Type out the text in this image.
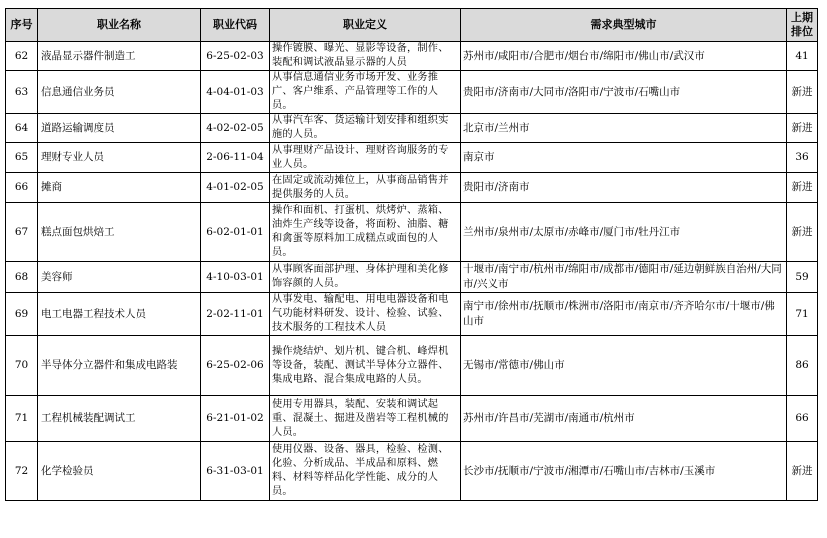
序号	职业名称	职业代码	职业定义	需求典型城市	上期
排位
62	液晶显示器件制造工	6-25-02-03	操作镀膜、曝光、显影等设备，制作、装配和调试液晶显示器的人员	苏州市/咸阳市/合肥市/烟台市/绵阳市/佛山市/武汉市	41
63	信息通信业务员	4-04-01-03	从事信息通信业务市场开发、业务推广、客户维系、产品管理等工作的人员。	贵阳市/济南市/大同市/洛阳市/宁波市/石嘴山市	新进
64	道路运输调度员	4-02-02-05	从事汽车客、货运输计划安排和组织实施的人员。	北京市/兰州市	新进
65	理财专业人员	2-06-11-04	从事理财产品设计、理财咨询服务的专业人员。	南京市	36
66	摊商	4-01-02-05	在固定或流动摊位上，从事商品销售并提供服务的人员。	贵阳市/济南市	新进
67	糕点面包烘焙工	6-02-01-01	操作和面机、打蛋机、烘烤炉、蒸箱、油炸生产线等设备，将面粉、油脂、糖和禽蛋等原料加工成糕点或面包的人员。	兰州市/泉州市/太原市/赤峰市/厦门市/牡丹江市	新进
68	美容师	4-10-03-01	从事顾客面部护理、身体护理和美化修饰容颜的人员。	十堰市/南宁市/杭州市/绵阳市/成都市/德阳市/延边朝鲜族自治州/大同市/兴义市	59
69	电工电器工程技术人员	2-02-11-01	从事发电、输配电、用电电器设备和电气功能材料研发、设计、检验、试验、技术服务的工程技术人员	南宁市/徐州市/抚顺市/株洲市/洛阳市/南京市/齐齐哈尔市/十堰市/佛山市	71
70	半导体分立器件和集成电路装	6-25-02-06	操作烧结炉、划片机、键合机、峰焊机等设备，装配、测试半导体分立器件、集成电路、混合集成电路的人员。	无锡市/常德市/佛山市	86
71	工程机械装配调试工	6-21-01-02	使用专用器具，装配、安装和调试起重、混凝土、掘进及凿岩等工程机械的人员。	苏州市/许昌市/芜湖市/南通市/杭州市	66
72	化学检验员	6-31-03-01	使用仪器、设备、器具，检验、检测、化验、分析成品、半成品和原料、燃料、材料等样品化学性能、成分的人员。	长沙市/抚顺市/宁波市/湘潭市/石嘴山市/吉林市/玉溪市	新进
